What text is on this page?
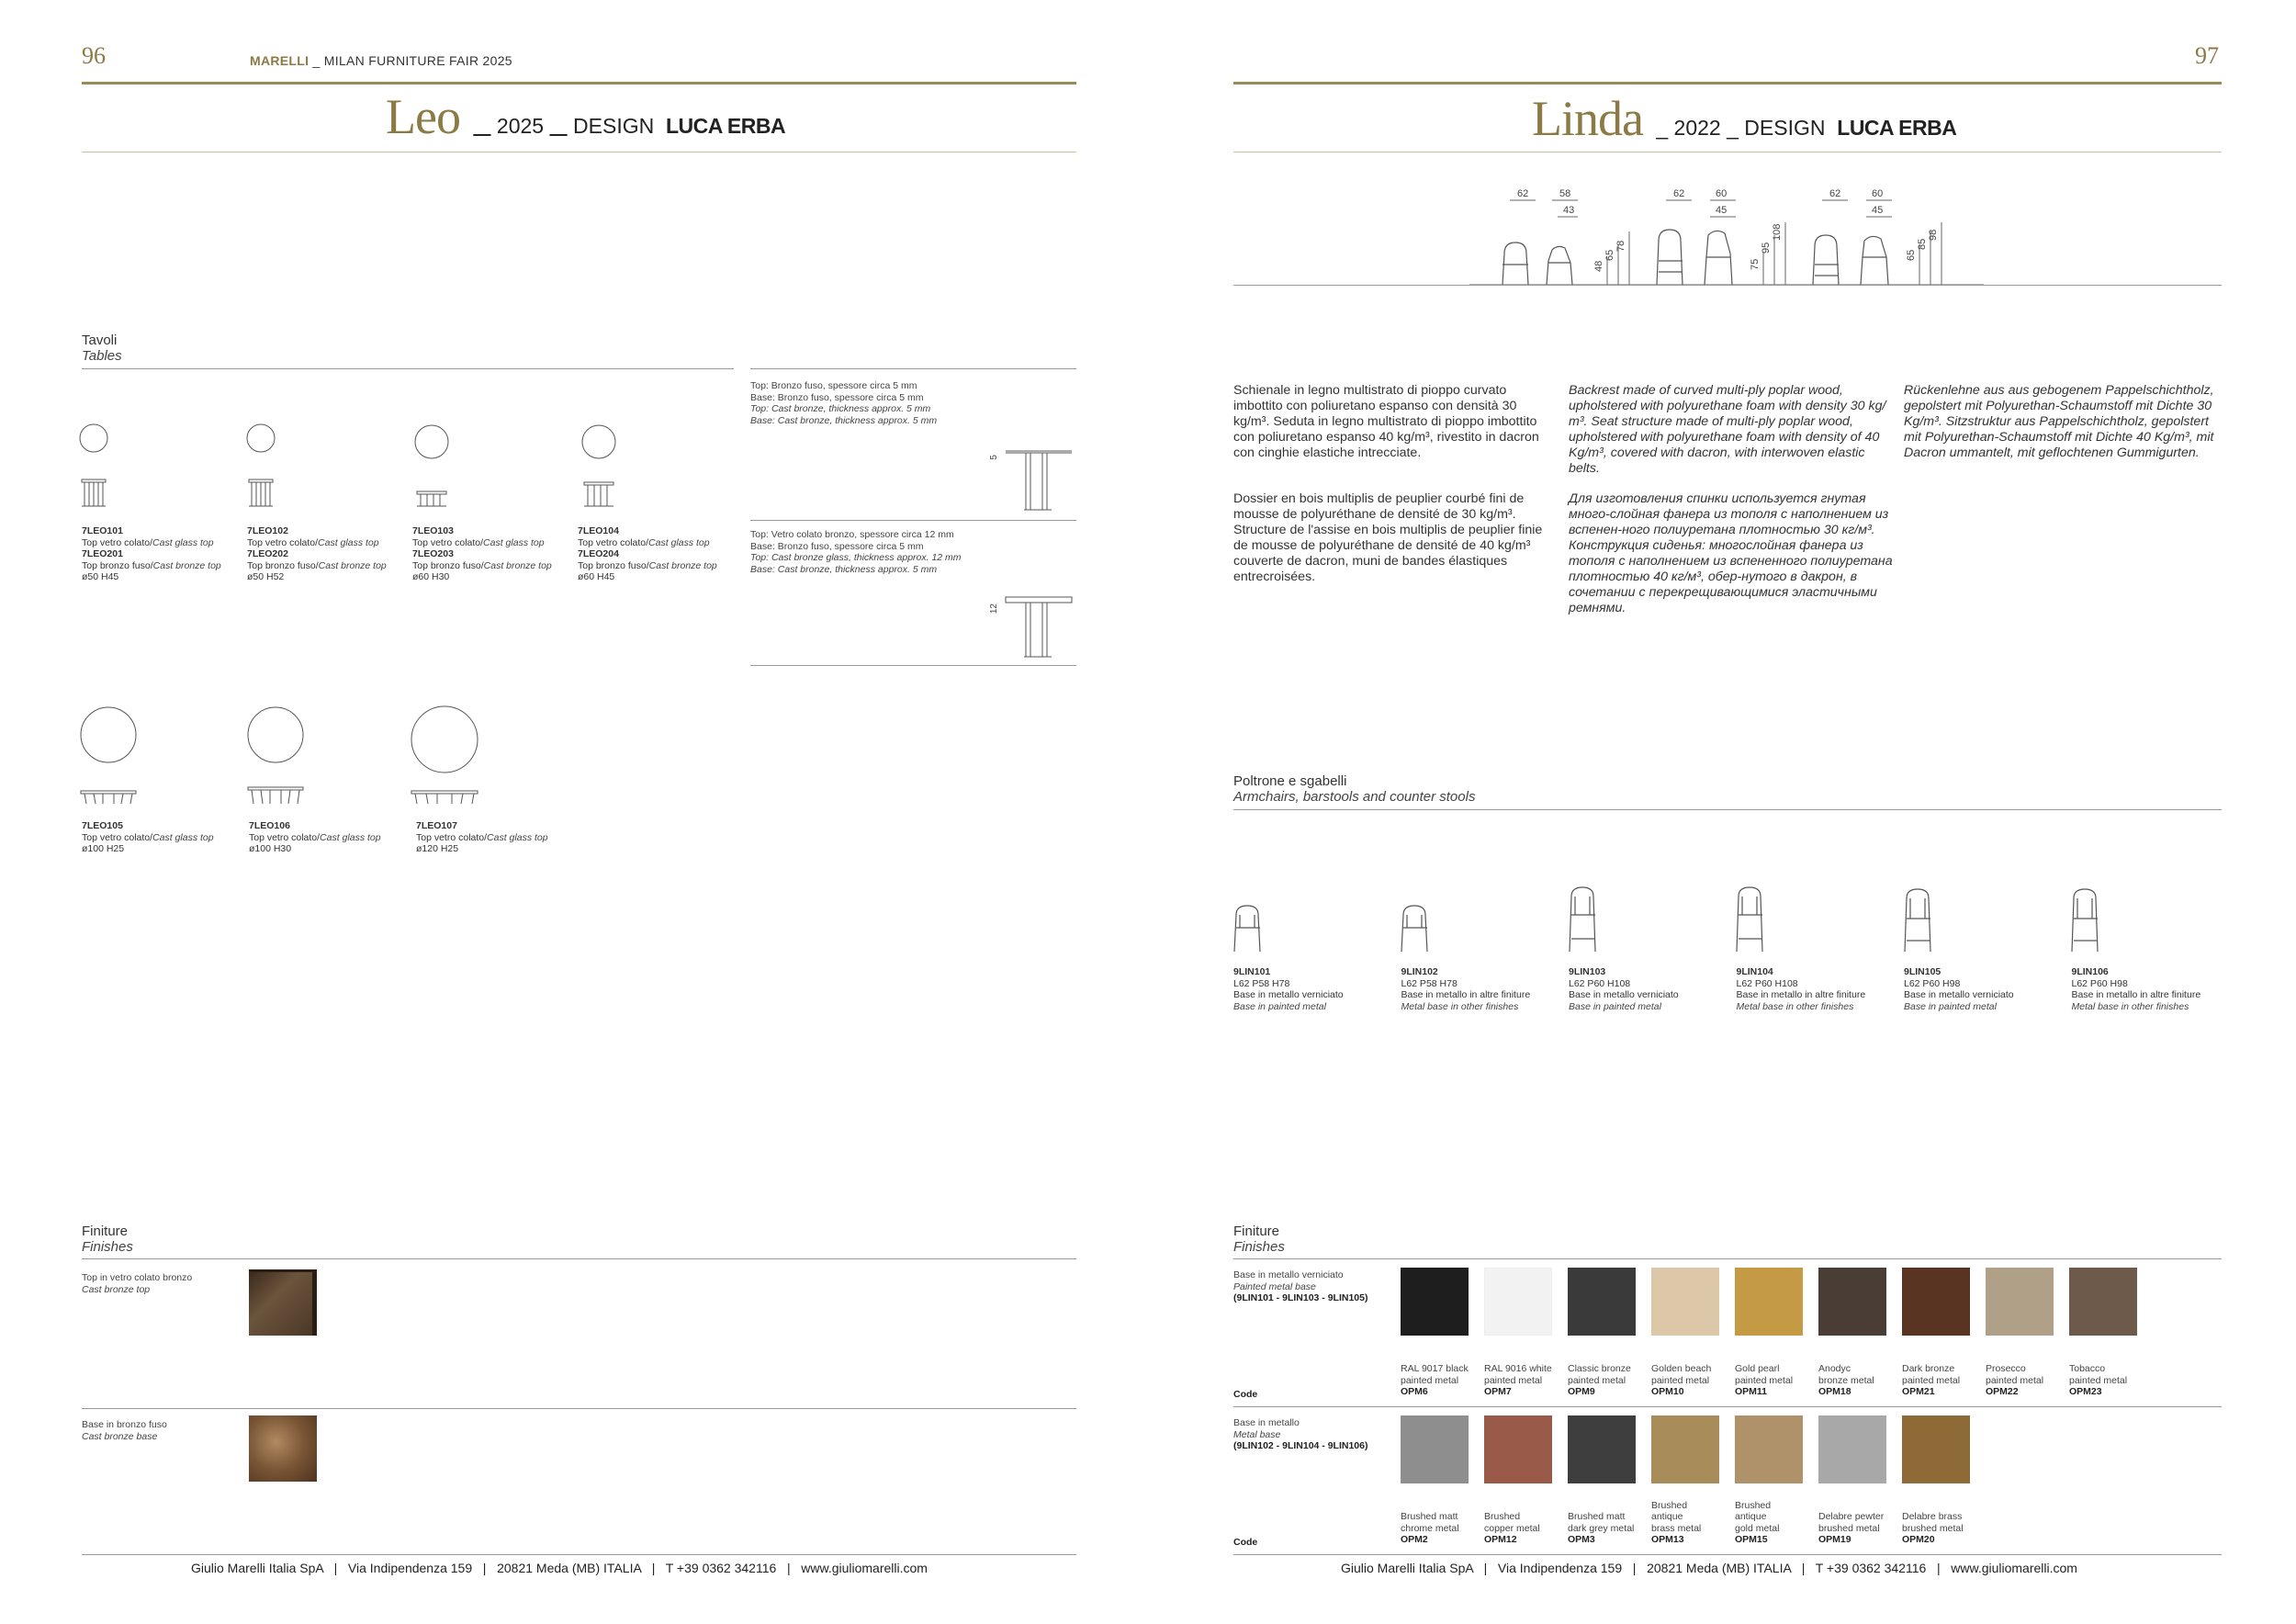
96	MARELLI _ MILAN FURNITURE FAIR 2025
Leo	2025 DESIGN LUCA ERBA
Tavoli
Tables
7LEO101
Top vetro colato/Cast glass top
7LEO201
Top bronzo fuso/Cast bronze top
ø50 H45
7LEO102
Top vetro colato/Cast glass top
7LEO202
Top bronzo fuso/Cast bronze top
ø50 H52
7LEO103
Top vetro colato/Cast glass top
7LEO203
Top bronzo fuso/Cast bronze top
ø60 H30
7LEO104
Top vetro colato/Cast glass top
7LEO204
Top bronzo fuso/Cast bronze top
ø60 H45
7LEO105
Top vetro colato/Cast glass top
ø100 H25
7LEO106
Top vetro colato/Cast glass top
ø100 H30
7LEO107
Top vetro colato/Cast glass top
ø120 H25
Top: Bronzo fuso, spessore circa 5 mm
Base: Bronzo fuso, spessore circa 5 mm
Top: Cast bronze, thickness approx. 5 mm
Base: Cast bronze, thickness approx. 5 mm
5
Top: Vetro colato bronzo, spessore circa 12 mm
Base: Bronzo fuso, spessore circa 5 mm
Top: Cast bronze glass, thickness approx. 12 mm
Base: Cast bronze, thickness approx. 5 mm
12
Finiture
Finishes
Top in vetro colato bronzo
Cast bronze top
Base in bronzo fuso
Cast bronze base
Giulio Marelli Italia SpA   |   Via Indipendenza 159   |   20821 Meda (MB) ITALIA   |   T +39 0362 342116   |   www.giuliomarelli.com
97
Linda _ 2022 _ DESIGN LUCA ERBA
62	58
43
62	60
45
62	60
45
48
65
78
75
95
108
65
85
98
Schienale in legno multistrato di pioppo curvato imbottito con poliuretano espanso con densità 30 kg/m³. Seduta in legno multistrato di pioppo imbottito con poliuretano espanso 40 kg/m³, rivestito in dacron con cinghie elastiche intrecciate.
Backrest made of curved multi-ply poplar wood, upholstered with polyurethane foam with density 30 kg/ m³. Seat structure made of multi-ply poplar wood, upholstered with polyurethane foam with density of 40 Kg/m³, covered with dacron, with interwoven elastic belts.
Rückenlehne aus aus gebogenem Pappelschichtholz, gepolstert mit Polyurethan-Schaumstoff mit Dichte 30 Kg/m³. Sitzstruktur aus Pappelschichtholz, gepolstert mit Polyurethan-Schaumstoff mit Dichte 40 Kg/m³, mit Dacron ummantelt, mit geflochtenen Gummigurten.
Dossier en bois multiplis de peuplier courbé fini de mousse de polyuréthane de densité de 30 kg/m³. Structure de l'assise en bois multiplis de peuplier finie de mousse de polyuréthane de densité de 40 kg/m³ couverte de dacron, muni de bandes élastiques entrecroisées.
Для изготовления спинки используется гнутая много-слойная фанера из тополя с наполнением из вспенен-ного полиуретана плотностью 30 кг/м³. Конструкция сиденья: многослойная фанера из тополя с наполнением из вспененного полиуретана плотностью 40 кг/м³, обер-нутого в дакрон, в сочетании с перекрещивающимися эластичными ремнями.
Poltrone e sgabelli
Armchairs, barstools and counter stools
9LIN101
L62 P58 H78
Base in metallo verniciato
Base in painted metal
9LIN102
L62 P58 H78
Base in metallo in altre finiture
Metal base in other finishes
9LIN103
L62 P60 H108
Base in metallo verniciato
Base in painted metal
9LIN104
L62 P60 H108
Base in metallo in altre finiture
Metal base in other finishes
9LIN105
L62 P60 H98
Base in metallo verniciato
Base in painted metal
9LIN106
L62 P60 H98
Base in metallo in altre finiture
Metal base in other finishes
Finiture
Finishes
Base in metallo verniciato
Painted metal base
(9LIN101 - 9LIN103 - 9LIN105)
Code
RAL 9017 black
painted metal
OPM6
RAL 9016 white
painted metal
OPM7
Classic bronze
painted metal
OPM9
Golden beach
painted metal
OPM10
Gold pearl
painted metal
OPM11
Anodyc
bronze metal
OPM18
Dark bronze
painted metal
OPM21
Prosecco
painted metal
OPM22
Tobacco
painted metal
OPM23
Base in metallo
Metal base
(9LIN102 - 9LIN104 - 9LIN106)
Code
Brushed matt
chrome metal
OPM2
Brushed
copper metal
OPM12
Brushed matt
dark grey metal
OPM3
Brushed
antique
brass metal
OPM13
Brushed
antique
gold metal
OPM15
Delabre pewter
brushed metal
OPM19
Delabre brass
brushed metal
OPM20
Giulio Marelli Italia SpA   |   Via Indipendenza 159   |   20821 Meda (MB) ITALIA   |   T +39 0362 342116   |   www.giuliomarelli.com
